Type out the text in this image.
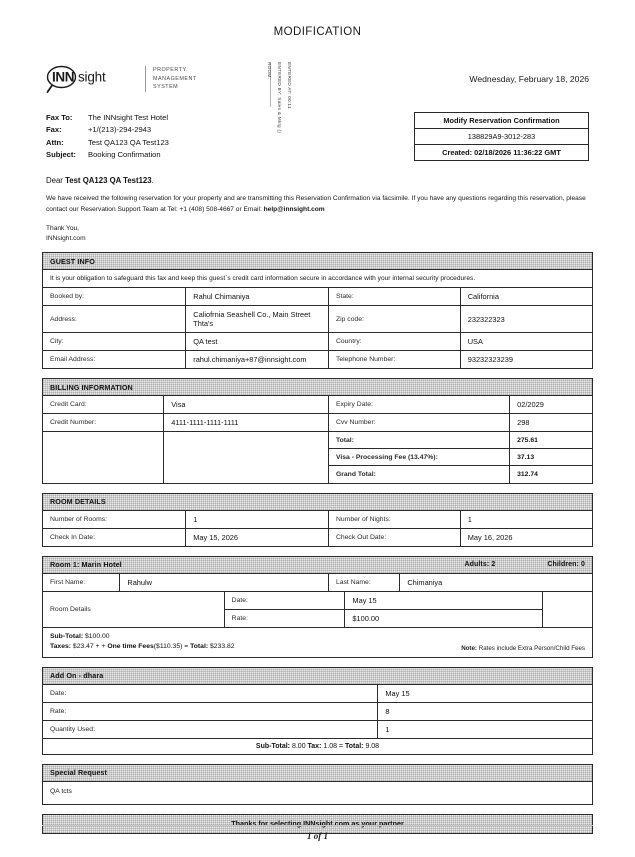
MODIFICATION
INN sight	PROPERTY
MANAGEMENT
SYSTEM
ROOM: ENTERED BY: Sales & Mktg () ENTERED AT: 00:11	Wednesday, February 18, 2026
Fax To:	The INNsight Test Hotel
Fax:	+1/(213)-294-2943
Attn:	Test QA123 QA Test123
Subject:	Booking Confirmation
Modify Reservation Confirmation
138829A9-3012-283
Created: 02/18/2026 11:36:22 GMT
Dear Test QA123 QA Test123.
We have received the following reservation for your property and are transmitting this Reservation Confirmation via facsimile. If you have any questions regarding this reservation, please contact our Reservation Support Team at Tel: +1 (408) 508-4667 or Email: help@innsight.com
Thank You,
INNsight.com
GUEST INFO
It is your obligation to safeguard this fax and keep this guest`s credit card information secure in accordance with your internal security procedures.
Booked by:	Rahul Chimaniya	State:	California
Address:	Caliofrnia Seashell Co., Main Street Thta's	Zip code:	232322323
City:	QA test	Country:	USA
Email Address:	rahul.chimaniya+87@innsight.com	Telephone Number:	93232323239
BILLING INFORMATION
Credit Card:	Visa	Expiry Date:	02/2029
Credit Number:	4111-1111-1111-1111	Cvv Number:	298
		Total:	275.61
		Visa - Processing Fee (13.47%):	37.13
		Grand Total:	312.74
ROOM DETAILS
Number of Rooms:	1	Number of Nights:	1
Check In Date:	May 15, 2026	Check Out Date:	May 16, 2026
Room 1: Marin Hotel	Adults: 2	Children: 0
First Name:	Rahulw	Last Name:	Chimaniya
Room Details	Date:	May 15	
	Rate:	$100.00	
Sub-Total: $100.00
Taxes: $23.47 + + One time Fees($110.35) = Total: $233.82	Note: Rates include Extra Person/Child Fees
Add On - dhara
Date:	May 15
Rate:	8
Quantity Used:	1
Sub-Total: 8.00 Tax: 1.08 = Total: 9.08
Special Request
QA tcts
Thanks for selecting INNsight.com as your partner
1 of 1
